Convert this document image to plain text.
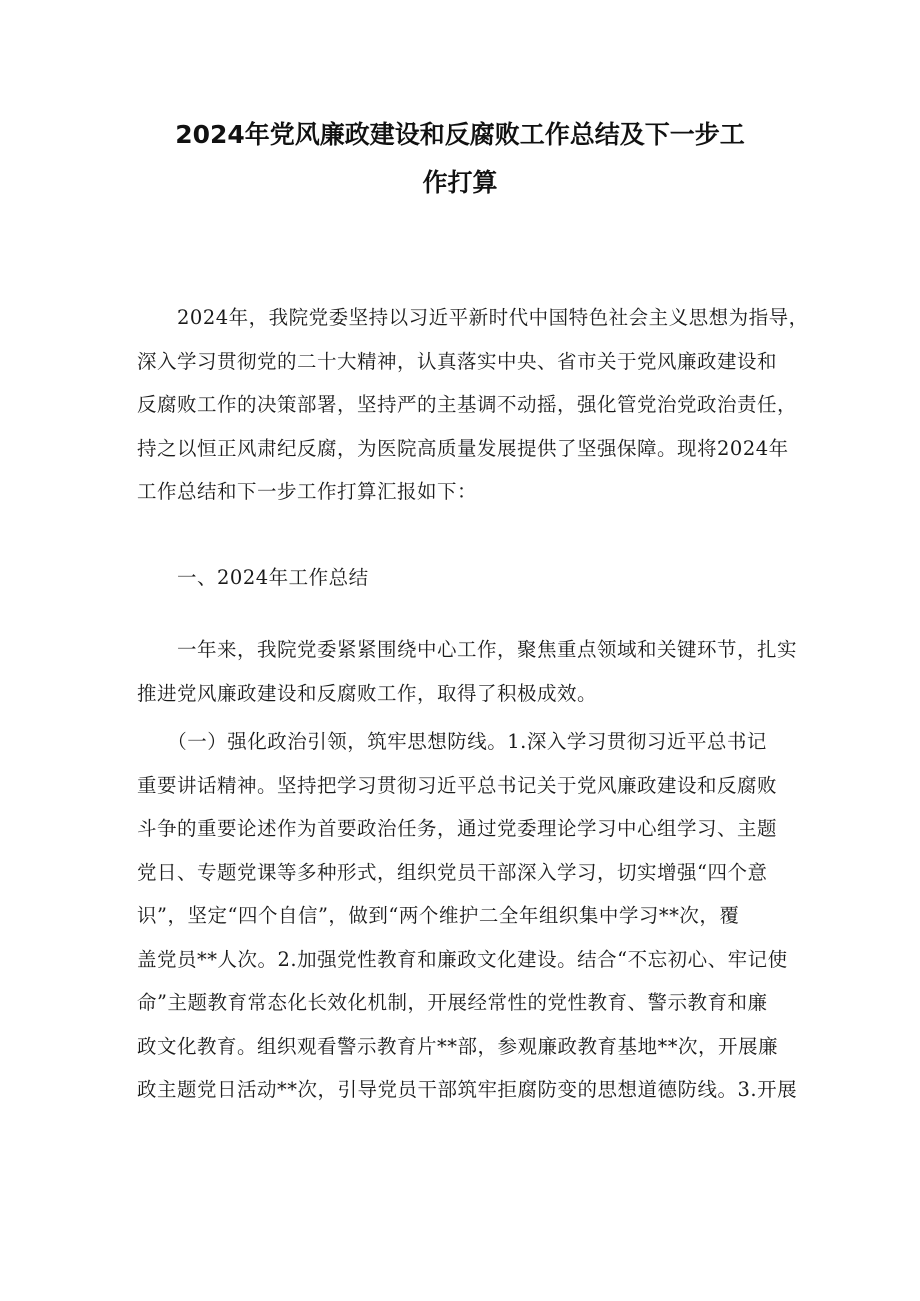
2024年党风廉政建设和反腐败工作总结及下一步工
作打算
　　2024年，我院党委坚持以习近平新时代中国特色社会主义思想为指导，
深入学习贯彻党的二十大精神，认真落实中央、省市关于党风廉政建设和
反腐败工作的决策部署，坚持严的主基调不动摇，强化管党治党政治责任，
持之以恒正风肃纪反腐，为医院高质量发展提供了坚强保障。现将2024年
工作总结和下一步工作打算汇报如下：
　　一、2024年工作总结
　　一年来，我院党委紧紧围绕中心工作，聚焦重点领域和关键环节，扎实
推进党风廉政建设和反腐败工作，取得了积极成效。
　　（一）强化政治引领，筑牢思想防线。1.深入学习贯彻习近平总书记
重要讲话精神。坚持把学习贯彻习近平总书记关于党风廉政建设和反腐败
斗争的重要论述作为首要政治任务，通过党委理论学习中心组学习、主题
党日、专题党课等多种形式，组织党员干部深入学习，切实增强“四个意
识”，坚定“四个自信”，做到“两个维护二全年组织集中学习**次，覆
盖党员**人次。2.加强党性教育和廉政文化建设。结合“不忘初心、牢记使
命”主题教育常态化长效化机制，开展经常性的党性教育、警示教育和廉
政文化教育。组织观看警示教育片**部，参观廉政教育基地**次，开展廉
政主题党日活动**次，引导党员干部筑牢拒腐防变的思想道德防线。3.开展
